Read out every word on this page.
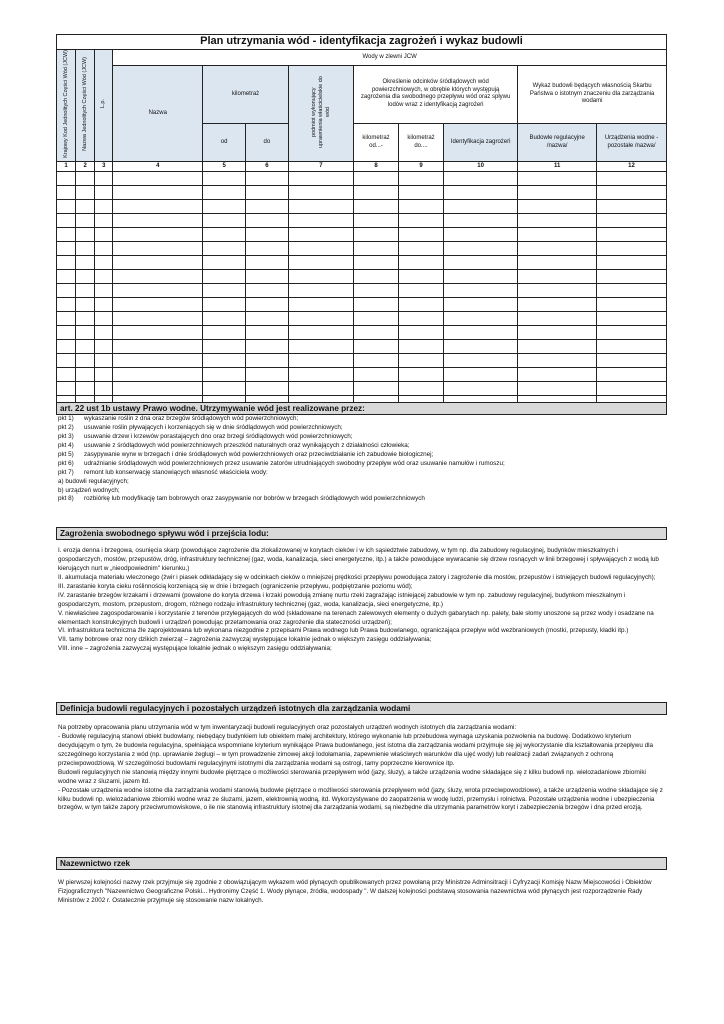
Plan utrzymania wód - identyfikacja zagrożeń i wykaz budowli											
Krajowy Kod Jednolitych Części Wód (JCW)	Nazwa Jednolitych Części Wód (JCW)	L.p.	Wody w zlewni JCW								
			Nazwa	kilometraż		podmiot wykonujący uprawnienia właścicielskie do wód	Określenie odcinków śródlądowych wód powierzchniowych, w obrębie których występują zagrożenia dla swobodnego przepływu wód oraz spływu lodów wraz z identyfikacją zagrożeń			Wykaz budowli będących własnością Skarbu Państwa o istotnym znaczeniu dla zarządzania wodami	

				od	do		kilometraż od...-	kilometraż do....	Identyfikacja zagrożeń	Budowle regulacyjne /nazwa/	Urządzenia wodne - pozostałe /nazwa/
1	2	3	4	5	6	7	8	9	10	11	12

art. 22 ust 1b ustawy Prawo wodne. Utrzymywanie wód jest realizowane przez:
pkt 1)	wykaszanie roślin z dna oraz brzegów śródlądowych wód powierzchniowych;
pkt 2)	usuwanie roślin pływających i korzeniących się w dnie śródlądowych wód powierzchniowych;
pkt 3)	usuwanie drzew i krzewów porastających dno oraz brzegi śródlądowych wód powierzchniowych;
pkt 4)	usuwanie z śródlądowych wód powierzchniowych przeszkód naturalnych oraz wynikających z działalności człowieka;
pkt 5)	zasypywanie wyrw w brzegach i dnie śródlądowych wód powierzchniowych oraz przeciwdziałanie ich zabudowie biologicznej;
pkt 6)	udrażnianie śródlądowych wód powierzchniowych przez usuwanie zatorów utrudniających swobodny przepływ wód oraz usuwanie namułów i rumoszu;
pkt 7)	remont lub konserwację stanowiących własność właściciela wody:
a) budowli regulacyjnych;
b) urządzeń wodnych;
pkt 8)	rozbiórkę lub modyfikację tam bobrowych oraz zasypywanie nor bobrów w brzegach śródlądowych wód powierzchniowych
Zagrożenia swobodnego spływu wód i przejścia lodu:
I. erozja denna i brzegowa, osunięcia skarp (powodujące zagrożenie dla zlokalizowanej w korytach cieków i w ich sąsiedztwie zabudowy, w tym np. dla zabudowy regulacyjnej, budynków mieszkalnych i gospodarczych, mostów, przepustów, dróg, infrastruktury technicznej (gaz, woda, kanalizacja, sieci energetyczne, itp.) a także powodujące wywracanie się drzew rosnących w linii brzegowej i spływających z wodą lub kierujących nurt w „nieodpowiednim" kierunku,)
II. akumulacja materiału wleczonego (żwir i piasek odkładający się w odcinkach cieków o mniejszej prędkości przepływu powodująca zatory i zagrożenie dla mostów, przepustów i istniejących budowli regulacyjnych);
III. zarastanie koryta cieku roślinnością korzeniącą się w dnie i brzegach (ograniczenie przepływu, podpiętrzanie poziomu wód);
IV. zarastanie brzegów krzakami i drzewami (powalone do koryta drzewa i krzaki powodują zmianę nurtu rzeki zagrażając istniejącej zabudowie w tym np. zabudowy regulacyjnej, budynkom mieszkalnym i gospodarczym, mostom, przepustom, drogom, różnego rodzaju infrastruktury technicznej (gaz, woda, kanalizacja, sieci energetyczne, itp.)
V. niewłaściwe zagospodarowanie i korzystanie z terenów przylegających do wód (składowane na terenach zalewowych elementy o dużych gabarytach np. palety, bale słomy unoszone są przez wody i osadzane na elementach konstrukcyjnych budowli i urządzeń powodując przetamowania oraz zagrożenie dla stateczności urządzeń);
VI. infrastruktura techniczna źle zaprojektowana lub wykonana niezgodnie z przepisami Prawa wodnego lub Prawa budowlanego, ograniczająca przepływ wód wezbraniowych (mostki, przepusty, kładki itp.)
VII. tamy bobrowe oraz nory dzikich zwierząt – zagrożenia zazwyczaj występujące lokalnie jednak o większym zasięgu oddziaływania;
VIII. inne – zagrożenia zazwyczaj występujące lokalnie jednak o większym zasięgu oddziaływania;
Definicja budowli regulacyjnych i pozostałych urządzeń istotnych dla zarządzania wodami
Na potrzeby opracowania planu utrzymania wód w tym inwentaryzacji budowli regulacyjnych oraz pozostałych urządzeń wodnych istotnych dla zarządzania wodami:
- Budowlę regulacyjną stanowi obiekt budowlany, niebędący budynkiem lub obiektem małej architektury, którego wykonanie lub przebudowa wymaga uzyskania pozwolenia na budowę. Dodatkowo kryterium decydującym o tym, że budowla regulacyjna, spełniająca wspomniane kryterium wynikające Prawa budowlanego, jest istotna dla zarządzania wodami przyjmuje się jej wykorzystanie dla kształtowania przepływu dla szczególnego korzystania z wód (np. uprawianie żeglugi – w tym prowadzenie zimowej akcji lodołamania, zapewnienie właściwych warunków dla ujęć wody) lub realizacji zadań związanych z ochroną przeciwpowodziową. W szczególności budowlami regulacyjnymi istotnymi dla zarządzania wodami są ostrogi, tamy poprzeczne kierownice itp.
Budowli regulacyjnych nie stanowią między innymi budowle piętrzące o możliwości sterowania przepływem wód (jazy, śluzy), a także urządzenia wodne składające się z kilku budowli np. wielozadaniowe zbiorniki wodne wraz z śluzami, jazem itd.
- Pozostałe urządzenia wodne istotne dla zarządzania wodami stanowią budowle piętrzące o możliwości sterowania przepływem wód (jazy, śluzy, wrota przeciwpowodziowe), a także urządzenia wodne składające się z kilku budowli np. wielozadaniowe zbiorniki wodne wraz ze śluzami, jazem, elektrownią wodną, itd. Wykorzystywane do zaopatrzenia w wodę ludzi, przemysłu i rolnictwa. Pozostałe urządzenia wodne i ubezpieczenia brzegów, w tym także zapory przeciwrumowiskowe, o ile nie stanowią infrastruktury istotnej dla zarządzania wodami, są niezbędne dla utrzymania parametrów koryt i zabezpieczenia brzegów i dna przed erozją.
Nazewnictwo rzek
W pierwszej kolejności nazwy rzek przyjmuje się zgodnie z obowiązującym wykazem wód płynących opublikowanych przez powołaną przy Ministrze Adminsitracji i Cyfryzacji Komisję Nazw Miejscowości i Obiektów Fizjograficznych "Nazewnictwo Geograficzne Polski... Hydronimy Część 1. Wody płynące, źródła, wodospady ". W dalszej kolejności podstawą stosowania nazewnictwa wód płynących jest rozporządzenie Rady Ministrów z 2002 r. Ostatecznie przyjmuje się stosowanie nazw lokalnych.
